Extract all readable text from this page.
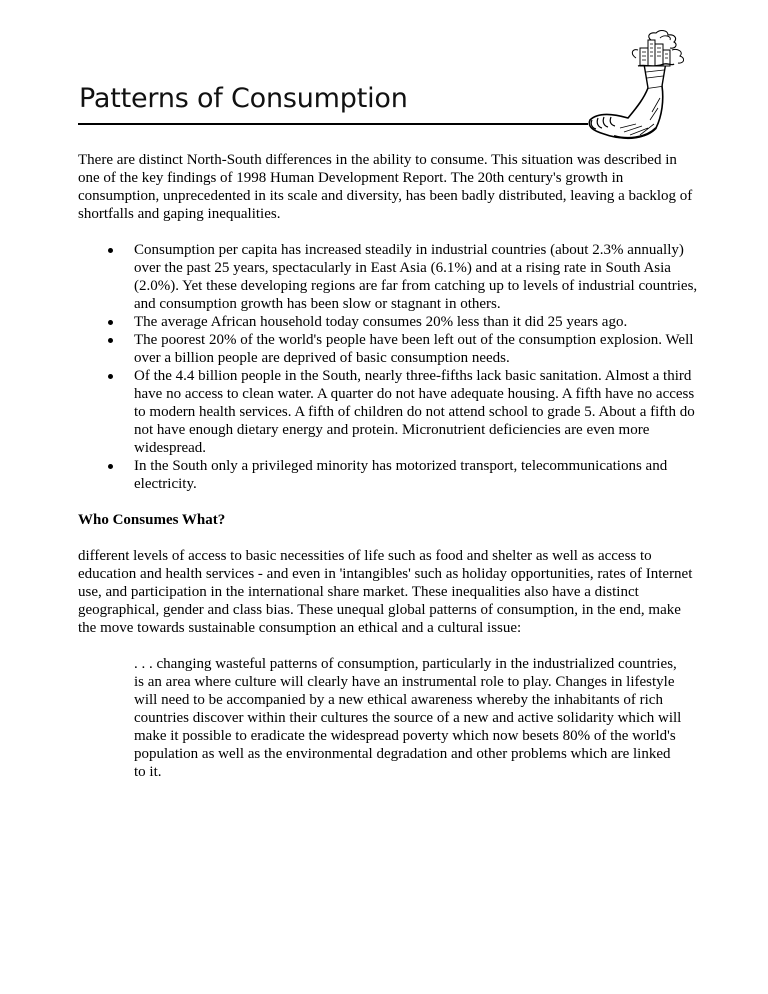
Patterns of Consumption

There are distinct North-South differences in the ability to consume. This situation was described in one of the key findings of 1998 Human Development Report. The 20th century's growth in consumption, unprecedented in its scale and diversity, has been badly distributed, leaving a backlog of shortfalls and gaping inequalities.

Consumption per capita has increased steadily in industrial countries (about 2.3% annually) over the past 25 years, spectacularly in East Asia (6.1%) and at a rising rate in South Asia (2.0%). Yet these developing regions are far from catching up to levels of industrial countries, and consumption growth has been slow or stagnant in others.
The average African household today consumes 20% less than it did 25 years ago.
The poorest 20% of the world's people have been left out of the consumption explosion. Well over a billion people are deprived of basic consumption needs.
Of the 4.4 billion people in the South, nearly three-fifths lack basic sanitation. Almost a third have no access to clean water. A quarter do not have adequate housing. A fifth have no access to modern health services. A fifth of children do not attend school to grade 5. About a fifth do not have enough dietary energy and protein. Micronutrient deficiencies are even more widespread.
In the South only a privileged minority has motorized transport, telecommunications and electricity.

Who Consumes What?

different levels of access to basic necessities of life such as food and shelter as well as access to education and health services - and even in 'intangibles' such as holiday opportunities, rates of Internet use, and participation in the international share market. These inequalities also have a distinct geographical, gender and class bias. These unequal global patterns of consumption, in the end, make the move towards sustainable consumption an ethical and a cultural issue:

. . . changing wasteful patterns of consumption, particularly in the industrialized countries, is an area where culture will clearly have an instrumental role to play. Changes in lifestyle will need to be accompanied by a new ethical awareness whereby the inhabitants of rich countries discover within their cultures the source of a new and active solidarity which will make it possible to eradicate the widespread poverty which now besets 80% of the world's population as well as the environmental degradation and other problems which are linked to it.
